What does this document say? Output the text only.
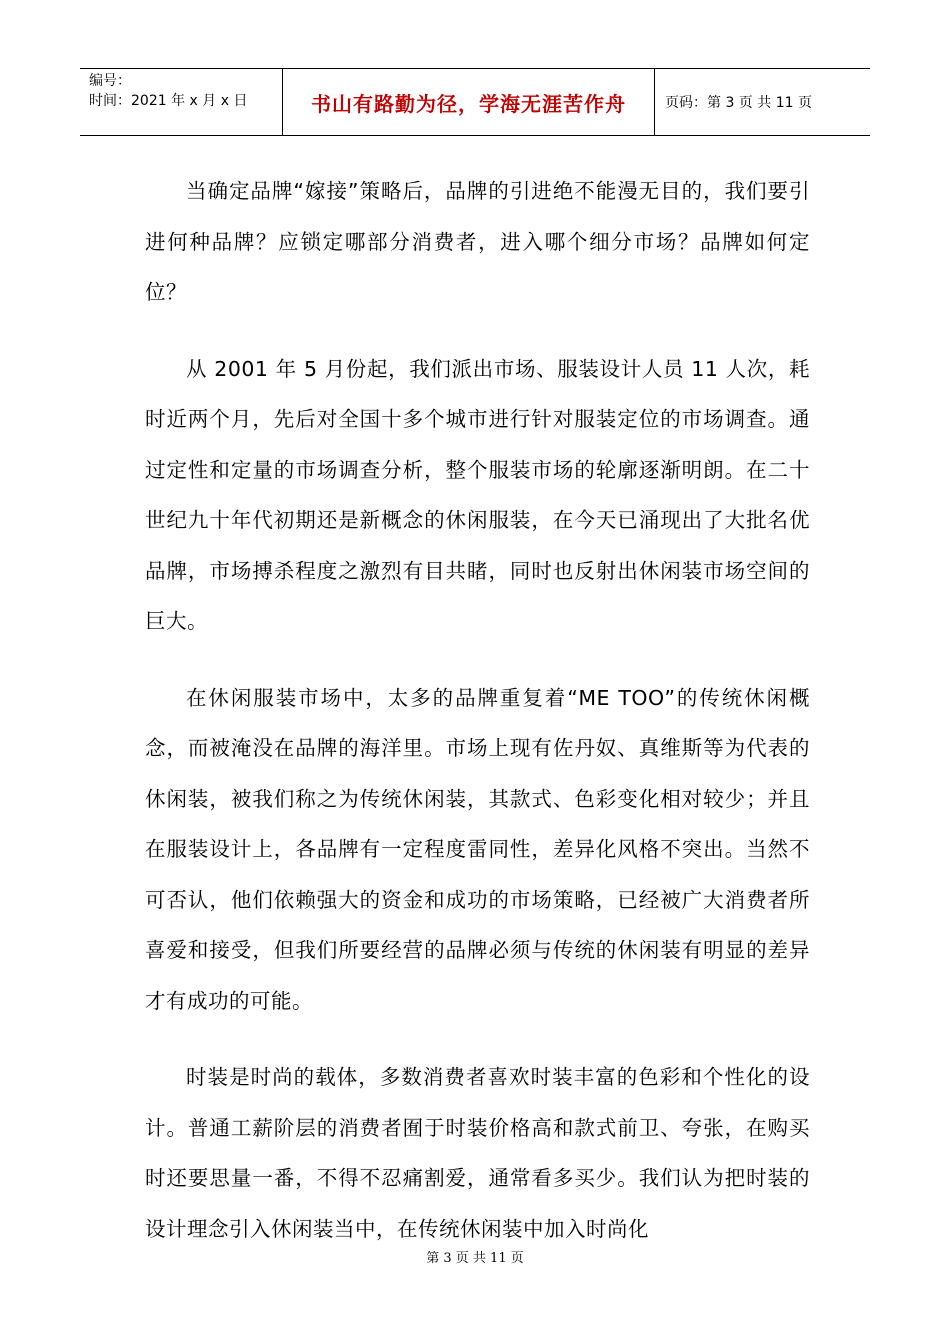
编号：
时间：2021 年 x 月 x 日	书山有路勤为径，学海无涯苦作舟	页码：第 3 页 共 11 页

当确定品牌“嫁接”策略后，品牌的引进绝不能漫无目的，我们要引进何种品牌？应锁定哪部分消费者，进入哪个细分市场？品牌如何定位？

从 2001 年 5 月份起，我们派出市场、服装设计人员 11 人次，耗时近两个月，先后对全国十多个城市进行针对服装定位的市场调查。通过定性和定量的市场调查分析，整个服装市场的轮廓逐渐明朗。在二十世纪九十年代初期还是新概念的休闲服装，在今天已涌现出了大批名优品牌，市场搏杀程度之激烈有目共睹，同时也反射出休闲装市场空间的巨大。

在休闲服装市场中，太多的品牌重复着“ME TOO”的传统休闲概念，而被淹没在品牌的海洋里。市场上现有佐丹奴、真维斯等为代表的休闲装，被我们称之为传统休闲装，其款式、色彩变化相对较少；并且在服装设计上，各品牌有一定程度雷同性，差异化风格不突出。当然不可否认，他们依赖强大的资金和成功的市场策略，已经被广大消费者所喜爱和接受，但我们所要经营的品牌必须与传统的休闲装有明显的差异才有成功的可能。

时装是时尚的载体，多数消费者喜欢时装丰富的色彩和个性化的设计。普通工薪阶层的消费者囿于时装价格高和款式前卫、夸张，在购买时还要思量一番，不得不忍痛割爱，通常看多买少。我们认为把时装的设计理念引入休闲装当中，在传统休闲装中加入时尚化

第 3 页 共 11 页
